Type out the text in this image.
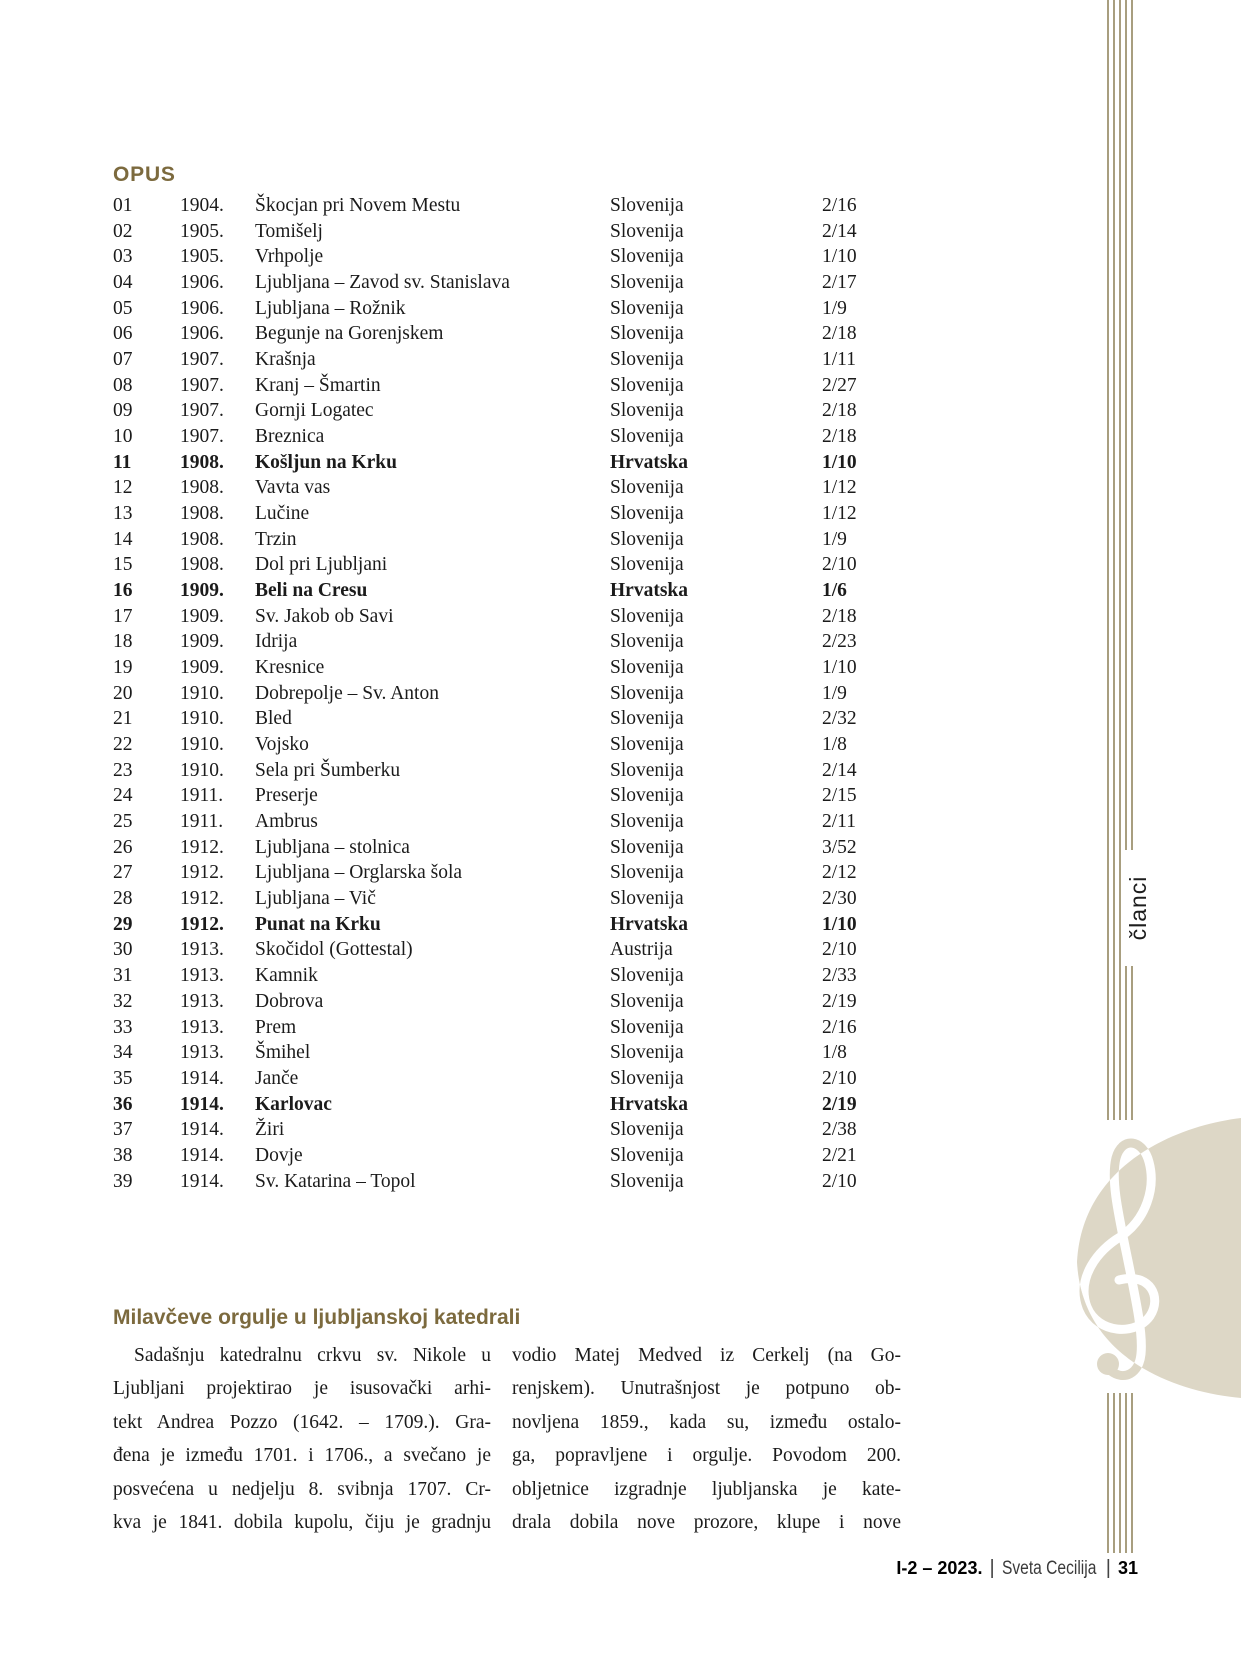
OPUS
01	1904.	Škocjan pri Novem Mestu	Slovenija	2/16
02	1905.	Tomišelj	Slovenija	2/14
03	1905.	Vrhpolje	Slovenija	1/10
04	1906.	Ljubljana – Zavod sv. Stanislava	Slovenija	2/17
05	1906.	Ljubljana – Rožnik	Slovenija	1/9
06	1906.	Begunje na Gorenjskem	Slovenija	2/18
07	1907.	Krašnja	Slovenija	1/11
08	1907.	Kranj – Šmartin	Slovenija	2/27
09	1907.	Gornji Logatec	Slovenija	2/18
10	1907.	Breznica	Slovenija	2/18
11	1908.	Košljun na Krku	Hrvatska	1/10
12	1908.	Vavta vas	Slovenija	1/12
13	1908.	Lučine	Slovenija	1/12
14	1908.	Trzin	Slovenija	1/9
15	1908.	Dol pri Ljubljani	Slovenija	2/10
16	1909.	Beli na Cresu	Hrvatska	1/6
17	1909.	Sv. Jakob ob Savi	Slovenija	2/18
18	1909.	Idrija	Slovenija	2/23
19	1909.	Kresnice	Slovenija	1/10
20	1910.	Dobrepolje – Sv. Anton	Slovenija	1/9
21	1910.	Bled	Slovenija	2/32
22	1910.	Vojsko	Slovenija	1/8
23	1910.	Sela pri Šumberku	Slovenija	2/14
24	1911.	Preserje	Slovenija	2/15
25	1911.	Ambrus	Slovenija	2/11
26	1912.	Ljubljana – stolnica	Slovenija	3/52
27	1912.	Ljubljana – Orglarska šola	Slovenija	2/12
28	1912.	Ljubljana – Vič	Slovenija	2/30
29	1912.	Punat na Krku	Hrvatska	1/10
30	1913.	Skočidol (Gottestal)	Austrija	2/10
31	1913.	Kamnik	Slovenija	2/33
32	1913.	Dobrova	Slovenija	2/19
33	1913.	Prem	Slovenija	2/16
34	1913.	Šmihel	Slovenija	1/8
35	1914.	Janče	Slovenija	2/10
36	1914.	Karlovac	Hrvatska	2/19
37	1914.	Žiri	Slovenija	2/38
38	1914.	Dovje	Slovenija	2/21
39	1914.	Sv. Katarina – Topol	Slovenija	2/10
Milavčeve orgulje u ljubljanskoj katedrali
Sadašnju katedralnu crkvu sv. Nikole u
Ljubljani projektirao je isusovački arhi-
tekt Andrea Pozzo (1642. – 1709.). Gra-
đena je između 1701. i 1706., a svečano je
posvećena u nedjelju 8. svibnja 1707. Cr-
kva je 1841. dobila kupolu, čiju je gradnju
vodio Matej Medved iz Cerkelj (na Go-
renjskem). Unutrašnjost je potpuno ob-
novljena 1859., kada su, između ostalo-
ga, popravljene i orgulje. Povodom 200.
obljetnice izgradnje ljubljanska je kate-
drala dobila nove prozore, klupe i nove
članci
I-2 – 2023. | Sveta Cecilija | 31
